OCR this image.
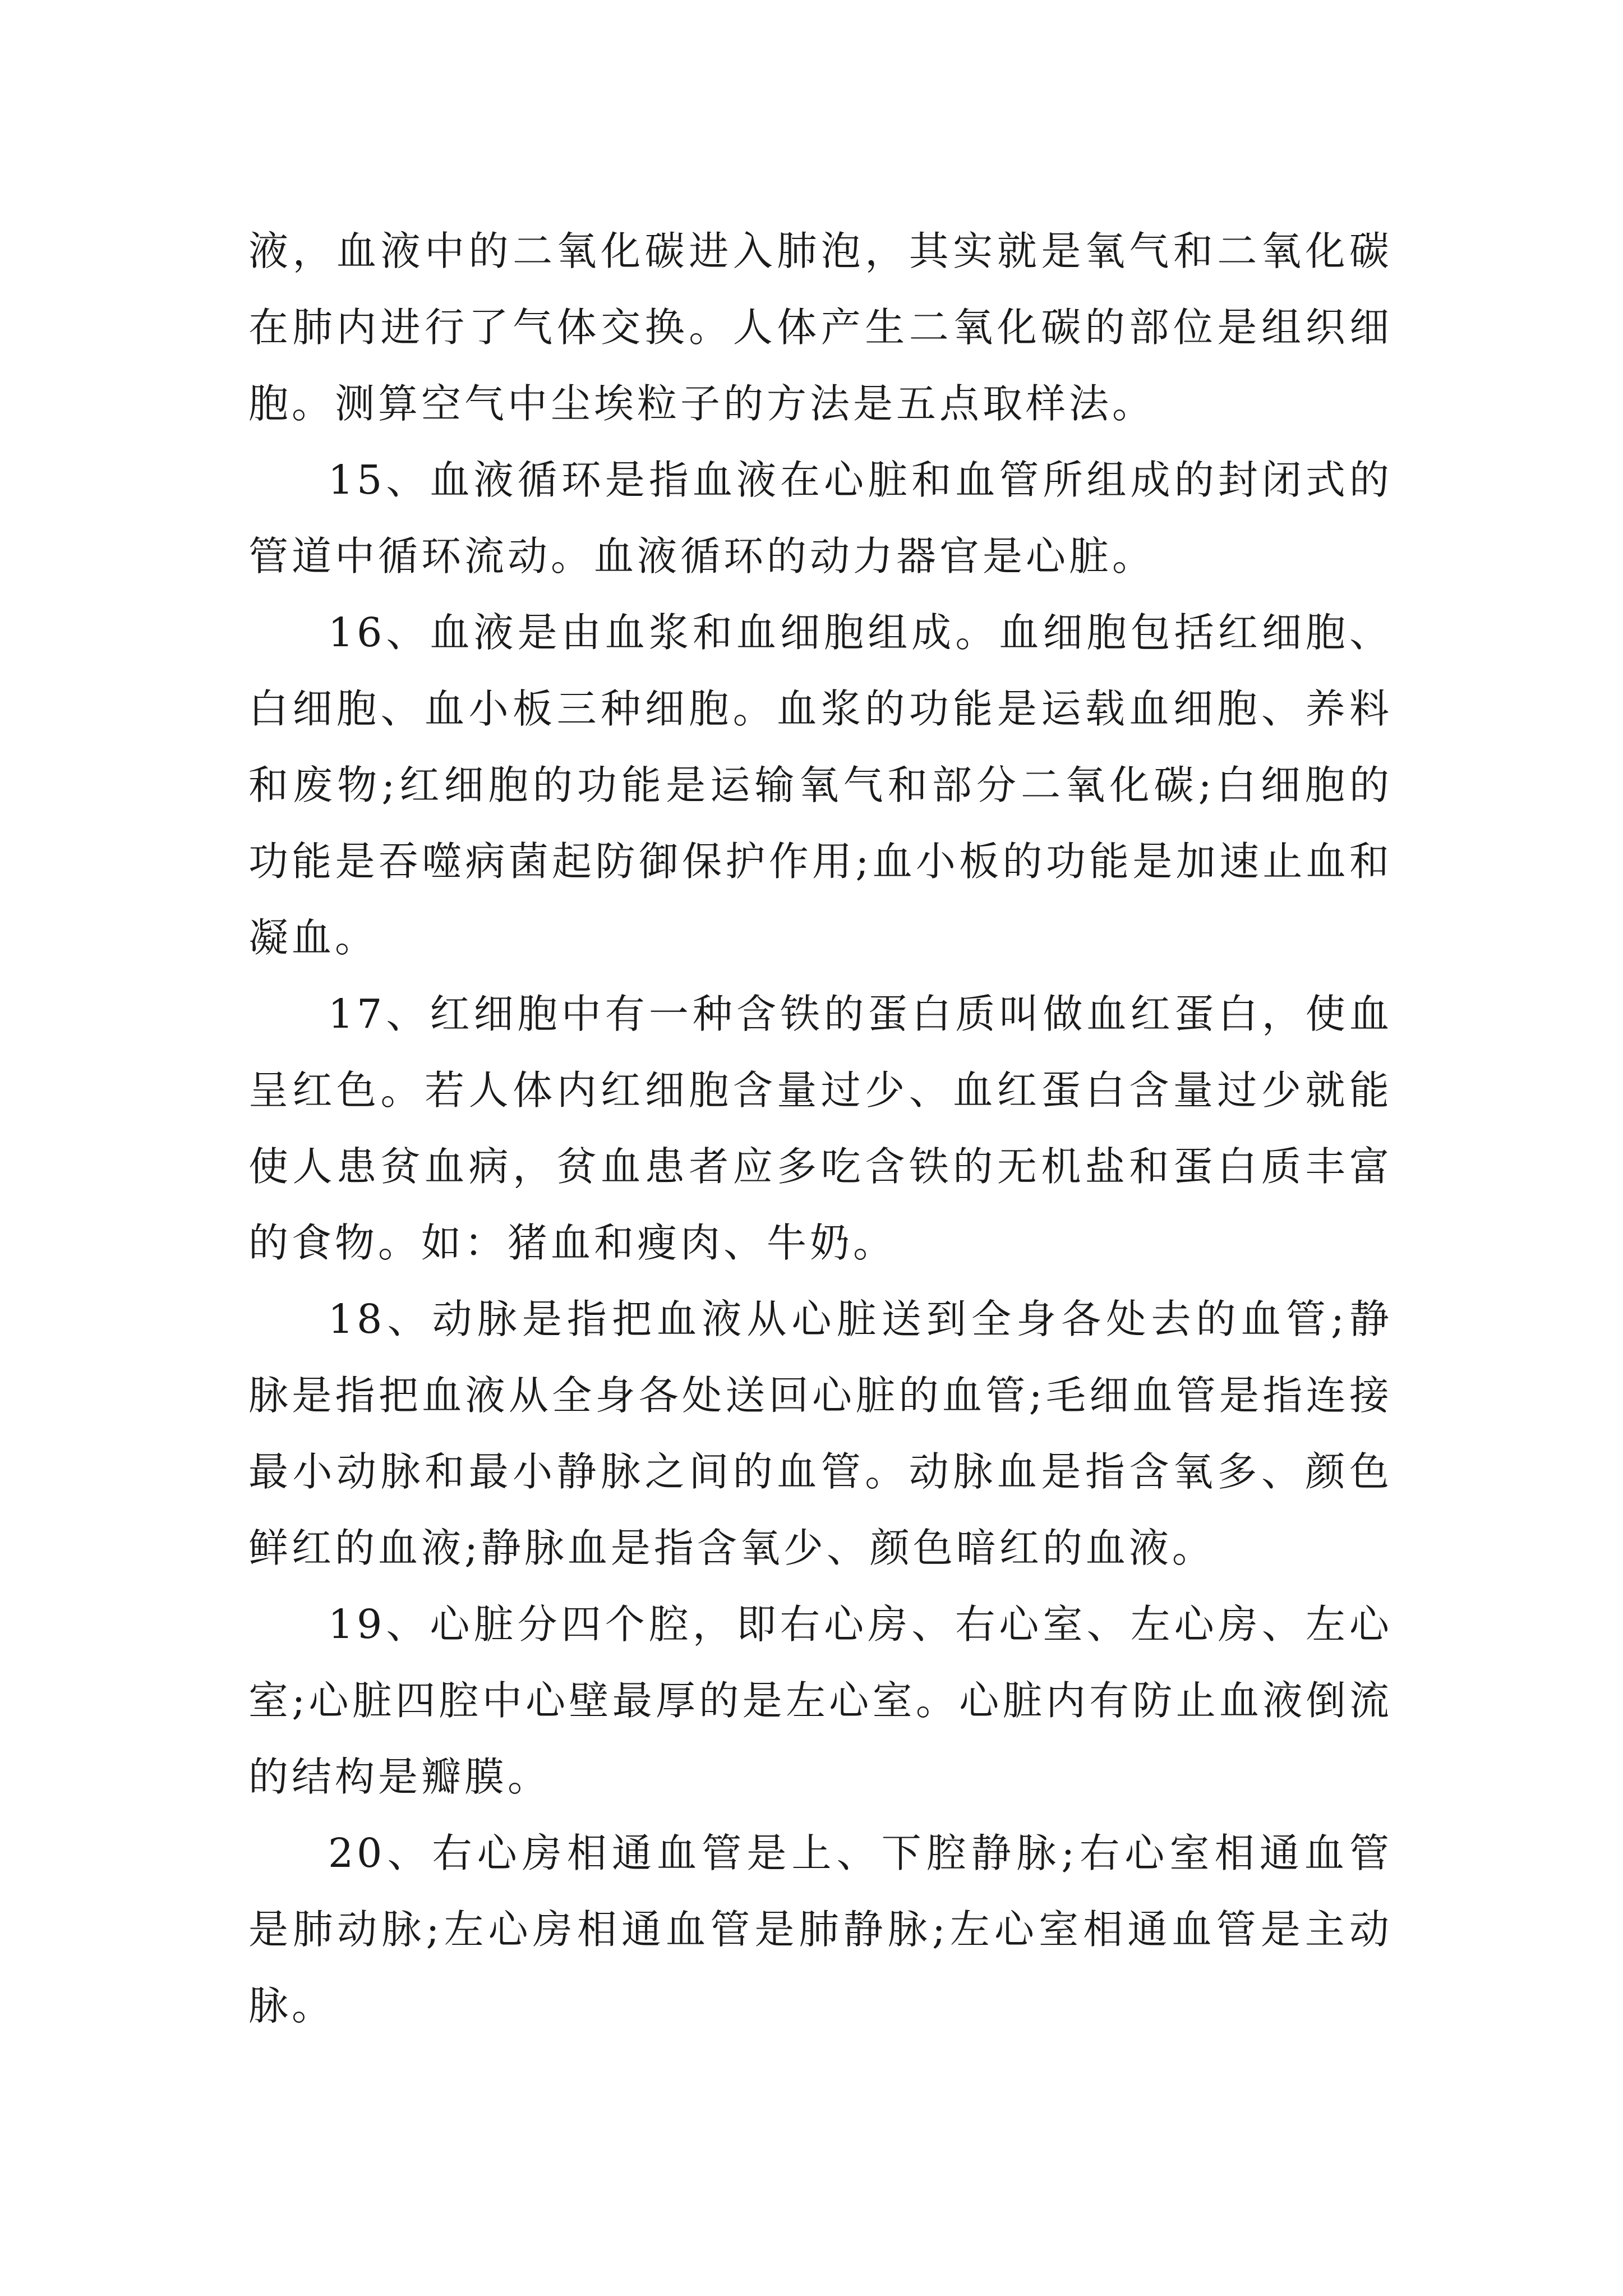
液，血液中的二氧化碳进入肺泡，其实就是氧气和二氧化碳在肺内进行了气体交换。人体产生二氧化碳的部位是组织细胞。测算空气中尘埃粒子的方法是五点取样法。

15、血液循环是指血液在心脏和血管所组成的封闭式的管道中循环流动。血液循环的动力器官是心脏。

16、血液是由血浆和血细胞组成。血细胞包括红细胞、白细胞、血小板三种细胞。血浆的功能是运载血细胞、养料和废物;红细胞的功能是运输氧气和部分二氧化碳;白细胞的功能是吞噬病菌起防御保护作用;血小板的功能是加速止血和凝血。

17、红细胞中有一种含铁的蛋白质叫做血红蛋白，使血呈红色。若人体内红细胞含量过少、血红蛋白含量过少就能使人患贫血病，贫血患者应多吃含铁的无机盐和蛋白质丰富的食物。如：猪血和瘦肉、牛奶。

18、动脉是指把血液从心脏送到全身各处去的血管;静脉是指把血液从全身各处送回心脏的血管;毛细血管是指连接最小动脉和最小静脉之间的血管。动脉血是指含氧多、颜色鲜红的血液;静脉血是指含氧少、颜色暗红的血液。

19、心脏分四个腔，即右心房、右心室、左心房、左心室;心脏四腔中心壁最厚的是左心室。心脏内有防止血液倒流的结构是瓣膜。

20、右心房相通血管是上、下腔静脉;右心室相通血管是肺动脉;左心房相通血管是肺静脉;左心室相通血管是主动脉。
